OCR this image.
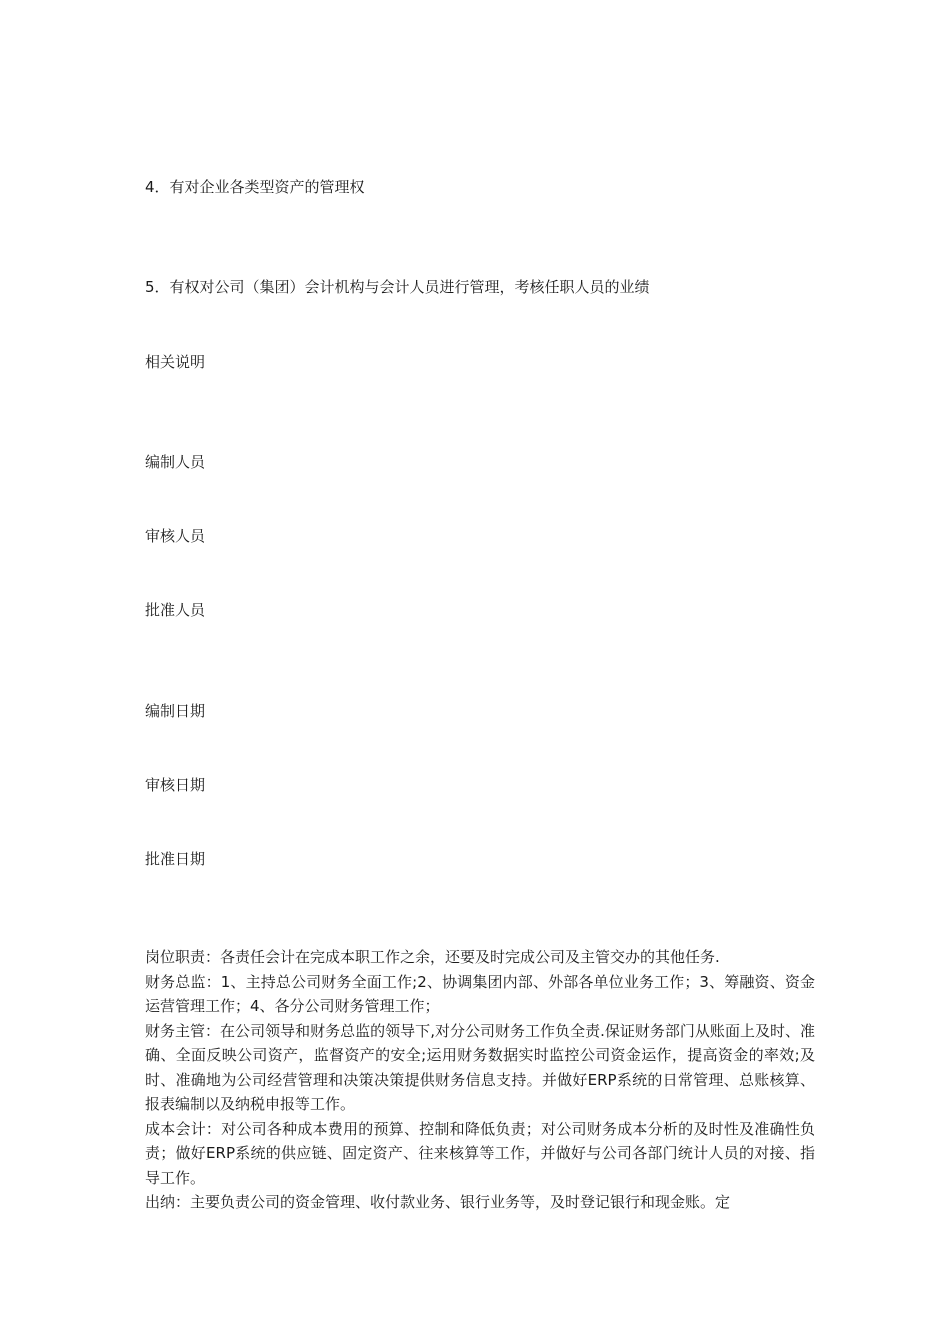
4．有对企业各类型资产的管理权
5．有权对公司（集团）会计机构与会计人员进行管理，考核任职人员的业绩
相关说明
编制人员
审核人员
批准人员
编制日期
审核日期
批准日期

岗位职责：各责任会计在完成本职工作之余，还要及时完成公司及主管交办的其他任务.

财务总监：1、主持总公司财务全面工作;2、协调集团内部、外部各单位业务工作；3、筹融资、资金运营管理工作；4、各分公司财务管理工作；

财务主管：在公司领导和财务总监的领导下,对分公司财务工作负全责.保证财务部门从账面上及时、准确、全面反映公司资产，监督资产的安全;运用财务数据实时监控公司资金运作，提高资金的率效;及时、准确地为公司经营管理和决策决策提供财务信息支持。并做好ERP系统的日常管理、总账核算、报表编制以及纳税申报等工作。

成本会计：对公司各种成本费用的预算、控制和降低负责；对公司财务成本分析的及时性及准确性负责；做好ERP系统的供应链、固定资产、往来核算等工作，并做好与公司各部门统计人员的对接、指导工作。

出纳：主要负责公司的资金管理、收付款业务、银行业务等，及时登记银行和现金账。定
